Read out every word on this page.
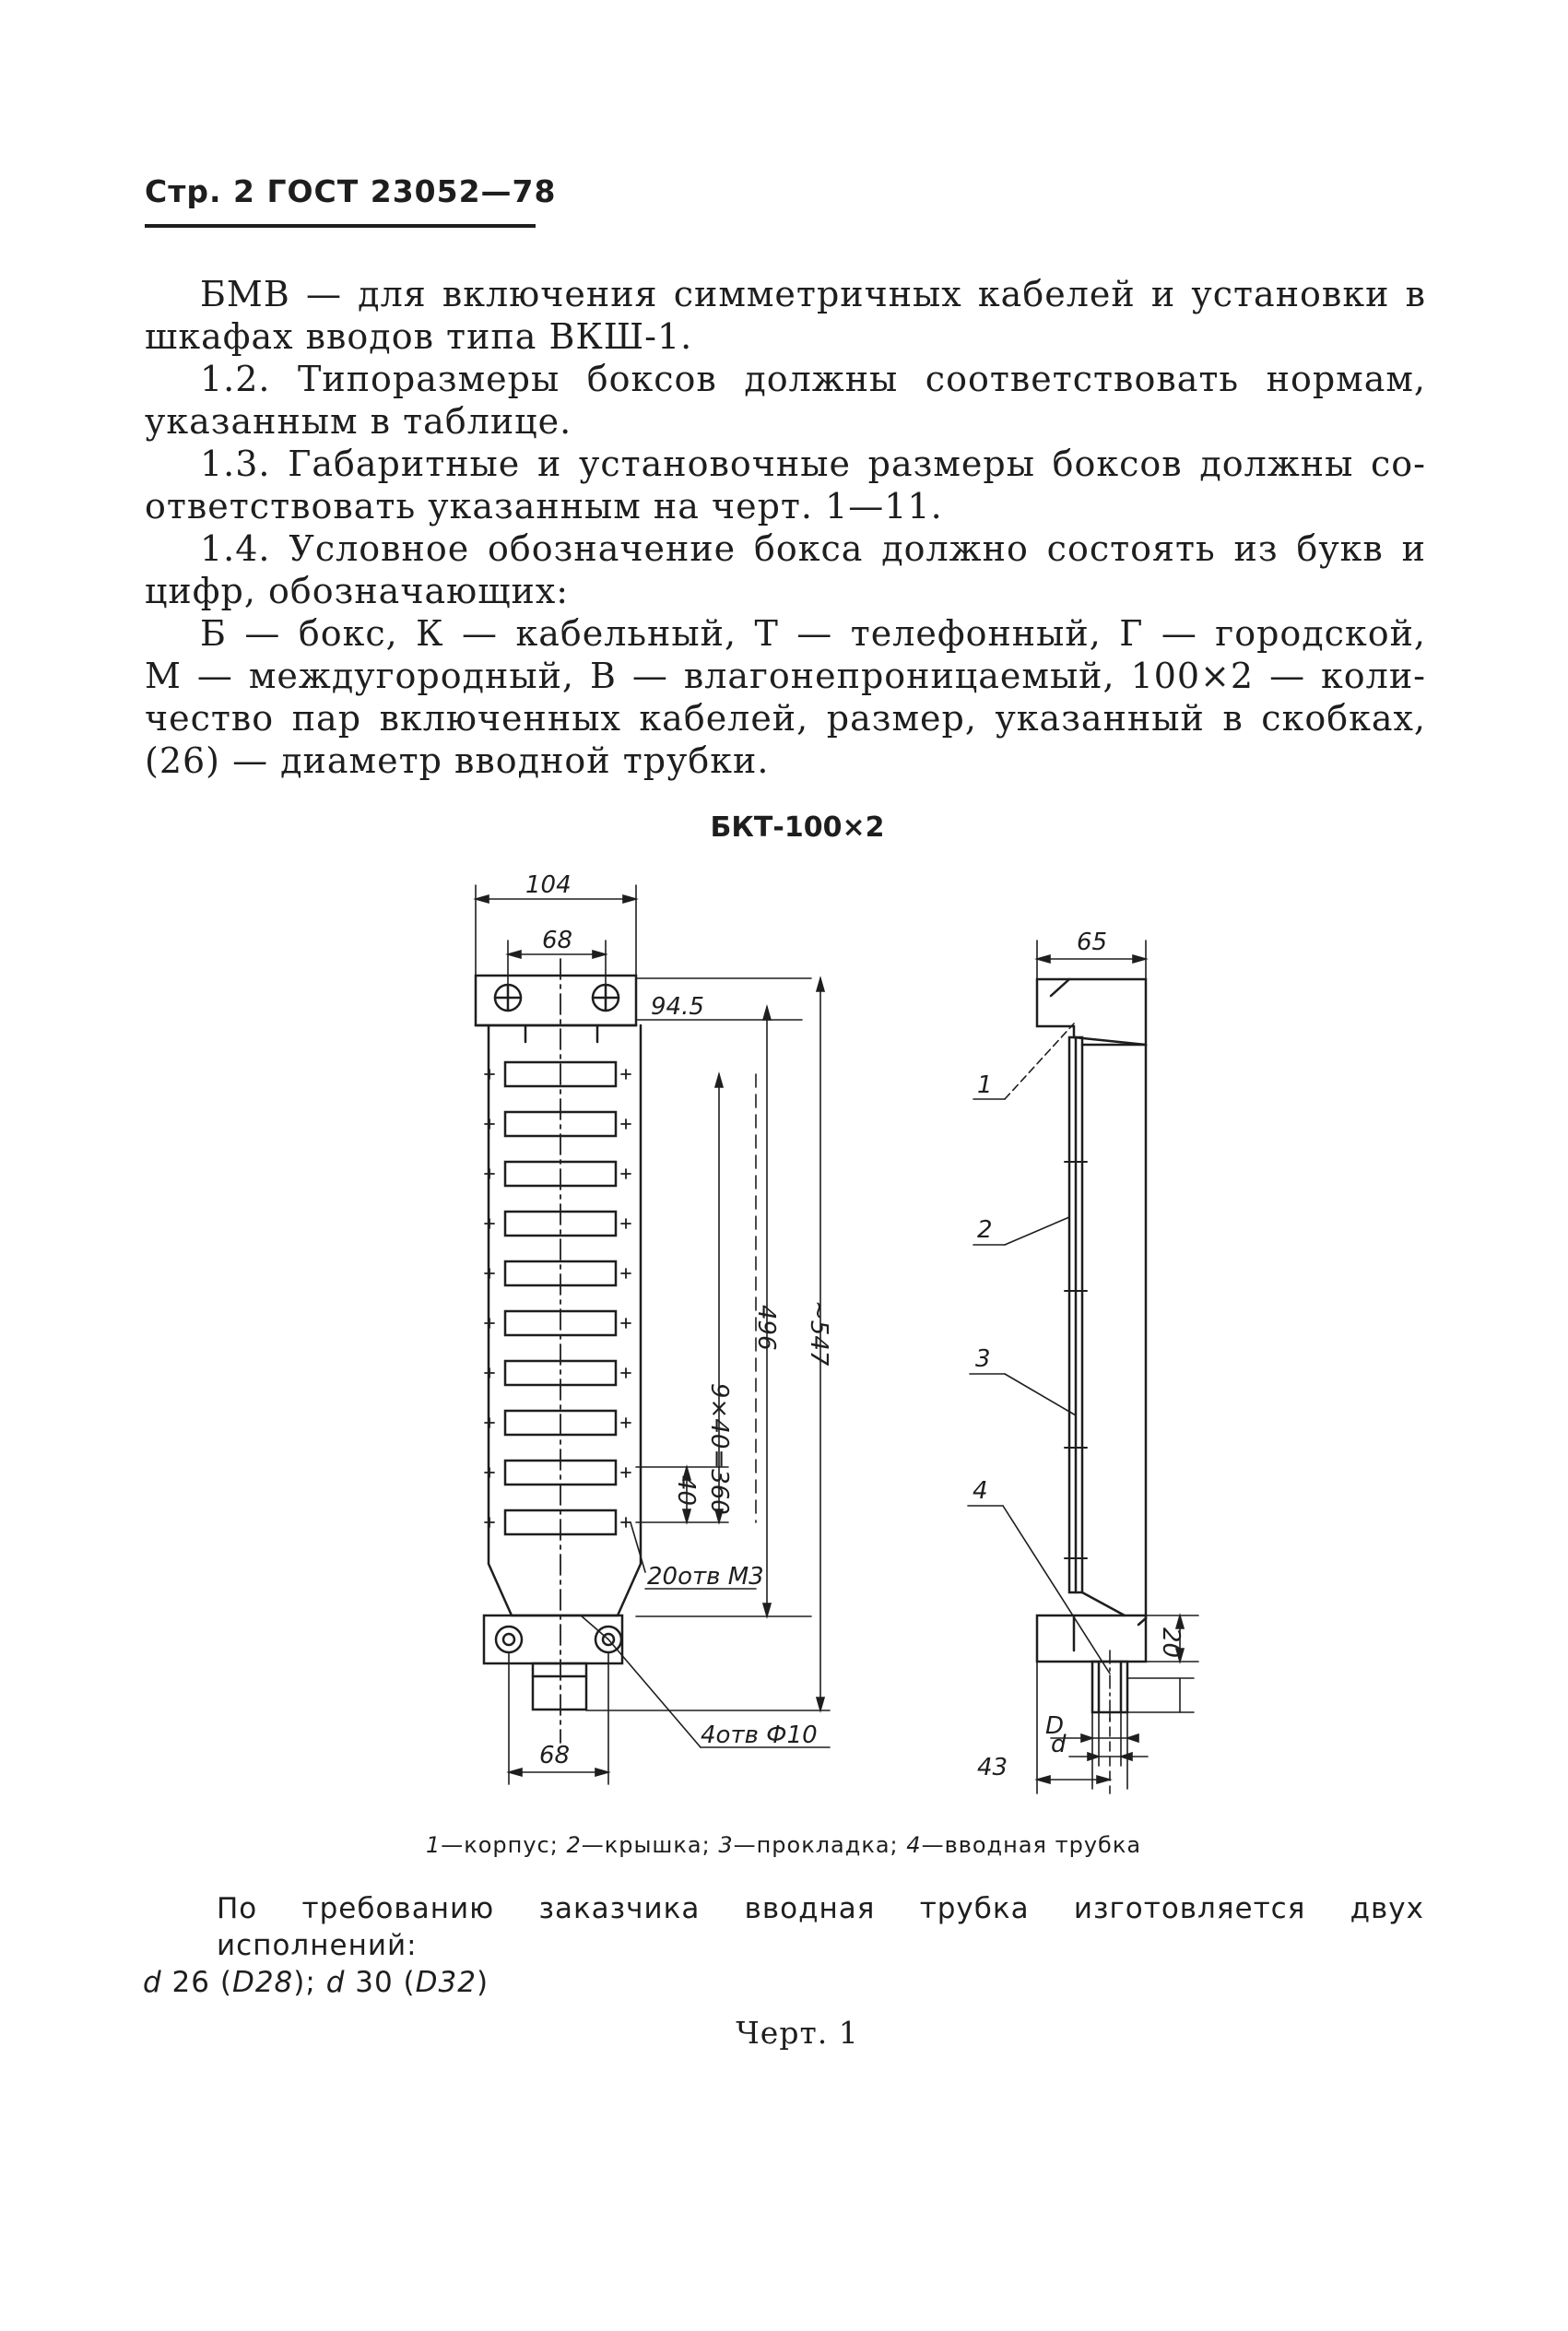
Стр. 2 ГОСТ 23052—78

БМВ — для включения симметричных кабелей и установки в

шкафах вводов типа ВКШ-1.

1.2. Типоразмеры боксов должны соответствовать нормам,

указанным в таблице.

1.3. Габаритные и установочные размеры боксов должны со-

ответствовать указанным на черт. 1—11.

1.4. Условное обозначение бокса должно состоять из букв и

цифр, обозначающих:

Б — бокс, К — кабельный, Т — телефонный, Г — городской,

М — междугородный, В — влагонепроницаемый, 100×2 — коли-

чество пар включенных кабелей, размер, указанный в скобках,

(26) — диаметр вводной трубки.

БКТ-100×2
104
68	65
94.5
9×40=360
496 ~547
40
20отв M3
68
4отв Ф10
20
D
d
43
1
2
3
4
1—корпус; 2—крышка; 3—прокладка; 4—вводная трубка

По требованию заказчика вводная трубка изготовляется двух исполнений:

d 26 (D28); d 30 (D32)

Черт. 1
